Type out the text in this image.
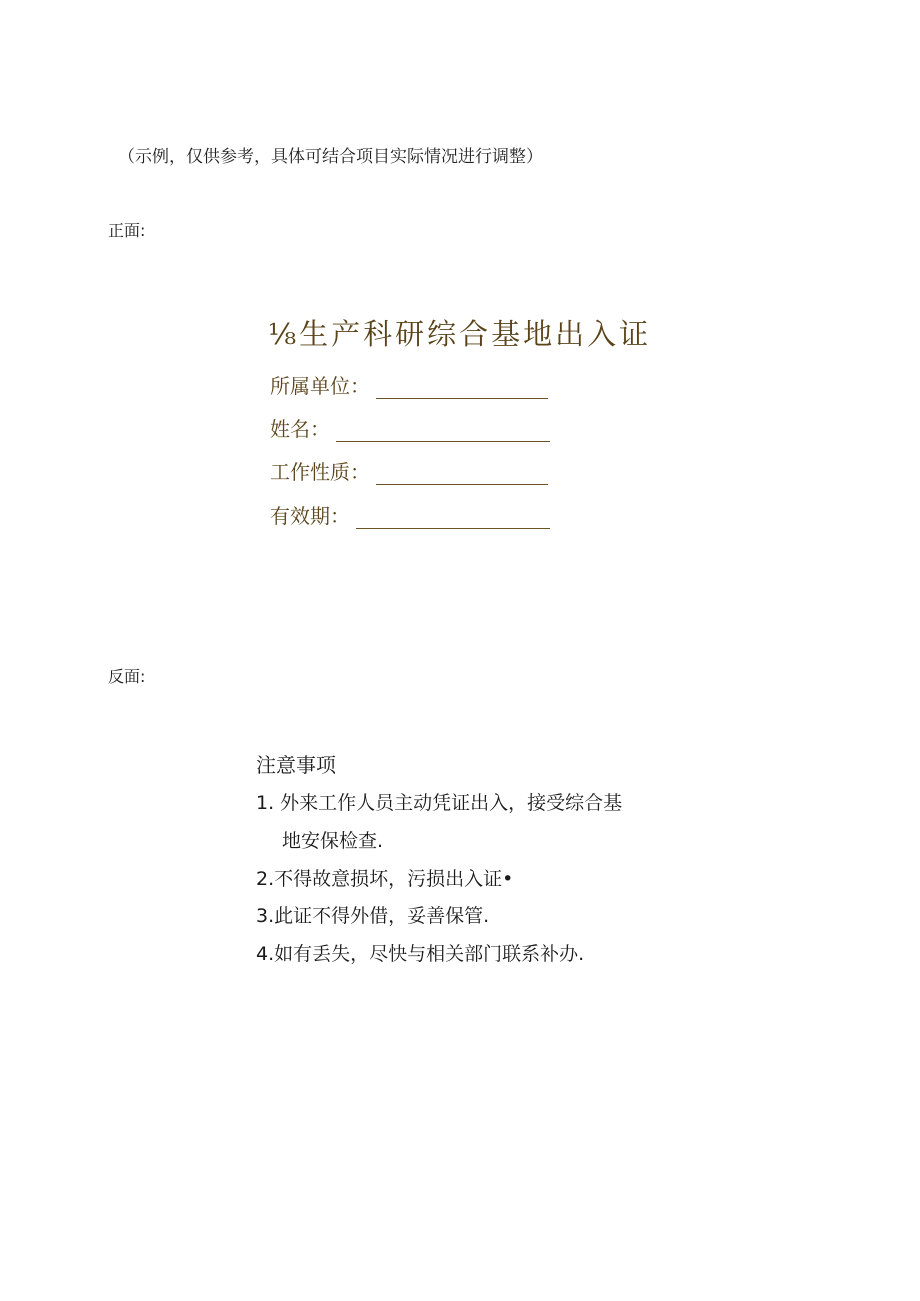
（示例，仅供参考，具体可结合项目实际情况进行调整）
正面:
⅛生产科研综合基地出入证
所属单位：
姓名：
工作性质：
有效期：
反面:
注意事项
1. 外来工作人员主动凭证出入，接受综合基
地安保检查.
2.不得故意损坏，污损出入证•
3.此证不得外借，妥善保管.
4.如有丢失，尽快与相关部门联系补办.
